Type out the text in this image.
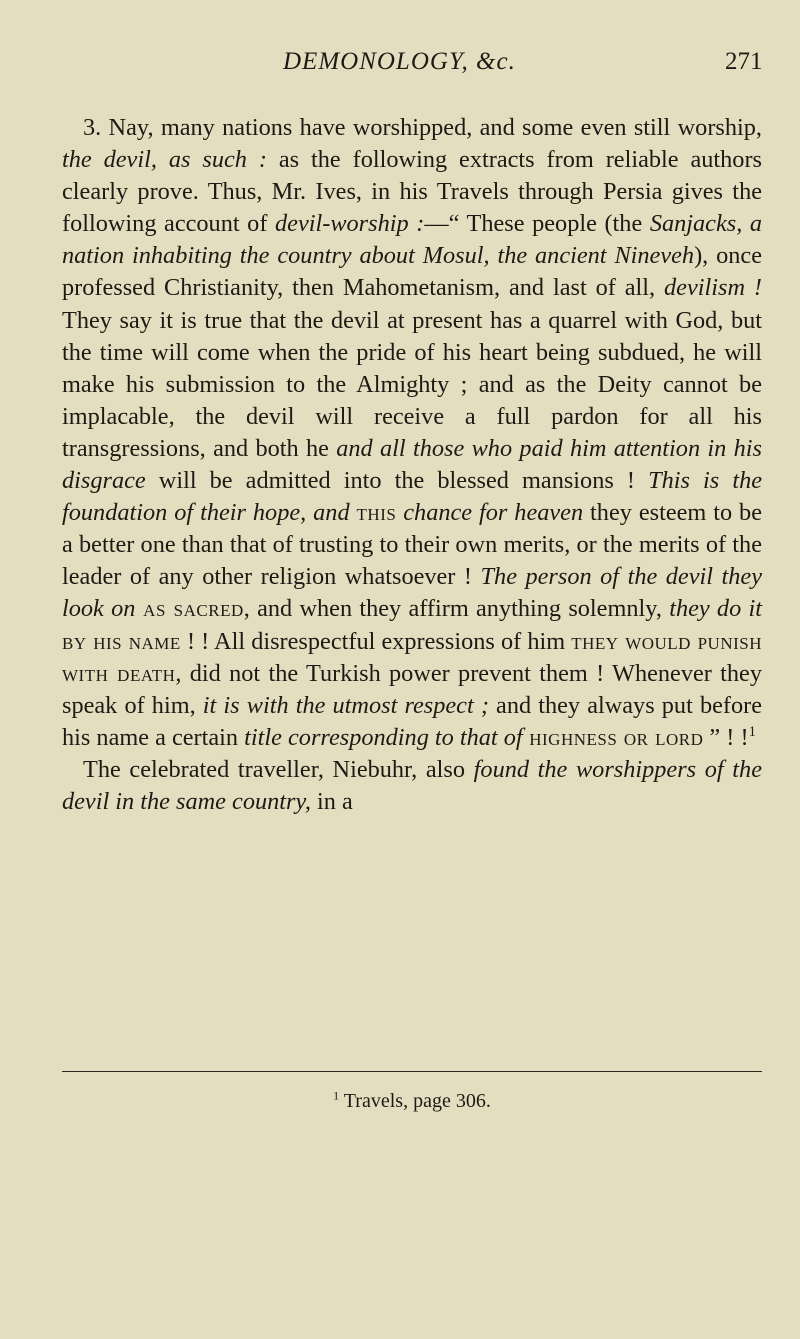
DEMONOLOGY, &c.	271

3. Nay, many nations have worshipped, and some even still worship, the devil, as such : as the following extracts from reliable authors clearly prove. Thus, Mr. Ives, in his Travels through Persia gives the following account of devil-worship :—“ These people (the Sanjacks, a nation inhabiting the country about Mosul, the ancient Nineveh), once professed Christianity, then Mahometanism, and last of all, devilism ! They say it is true that the devil at present has a quarrel with God, but the time will come when the pride of his heart being subdued, he will make his submission to the Almighty ; and as the Deity cannot be implacable, the devil will receive a full pardon for all his transgressions, and both he and all those who paid him attention in his disgrace will be admitted into the blessed mansions ! This is the foundation of their hope, and this chance for heaven they esteem to be a better one than that of trusting to their own merits, or the merits of the leader of any other religion whatsoever ! The person of the devil they look on as sacred, and when they affirm anything solemnly, they do it by his name ! ! All disrespectful expressions of him they would punish with death, did not the Turkish power prevent them ! Whenever they speak of him, it is with the utmost respect ; and they always put before his name a certain title corresponding to that of highness or lord ” ! !$^1$

The celebrated traveller, Niebuhr, also found the worshippers of the devil in the same country, in a

$^1$ Travels, page 306.
